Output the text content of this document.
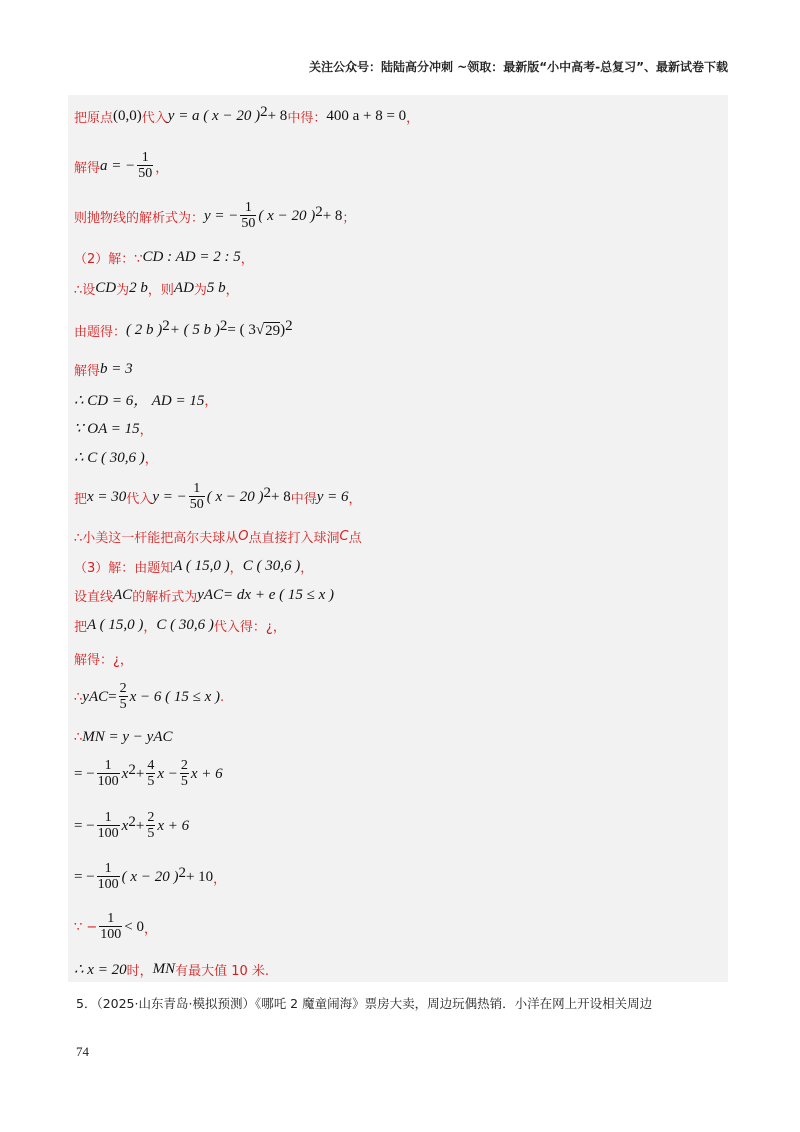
关注公众号：陆陆高分冲刺 ~领取：最新版“小中高考-总复习”、最新试卷下载
把原点 (0,0) 代入 y = a ( x − 20 )$^2$ + 8 中得： 400 a + 8 = 0 ，
解得 a = − $\frac{1}{50}$ ，
则抛物线的解析式为： y = − $\frac{1}{50}$ ( x − 20 )$^2$ + 8 ；
（2）解：∵ CD : AD = 2 : 5 ，
∴设 CD 为 2 b ，则 AD 为 5 b ，
由题得： ( 2 b )$^2$ + ( 5 b )$^2$ = ( 3 √ 29 )$^2$
解得 b = 3
∴ CD = 6， AD = 15 ，
∵ OA = 15 ，
∴ C ( 30,6 ) ，
把 x = 30 代入 y = − $\frac{1}{50}$ ( x − 20 )$^2$ + 8 中得 y = 6 ，
∴小美这一杆能把高尔夫球从 O 点直接打入球洞 C 点
（3）解：由题知 A ( 15,0 ) ， C ( 30,6 ) ，
设直线 AC 的解析式为 y AC = dx + e ( 15 ≤ x )
把 A ( 15,0 ) ， C ( 30,6 ) 代入得：¿，
解得：¿，
∴ y AC = $\frac{2}{5}$ x − 6 ( 15 ≤ x ) .
∴ MN = y − y AC
= − $\frac{1}{100} x^2 + \frac{4}{5}$ $x - \frac{2}{5}$ x + 6
= − $\frac{1}{100} x^2 + \frac{2}{5}$ x + 6
= − $\frac{1}{100}$ ( x − 20 )$^2$ + 10 ，
∵ − $\frac{1}{100} < 0$ ，
∴ x = 20 时， MN 有最大值 10 米.
5．（2025·山东青岛·模拟预测）《哪吒 2 魔童闹海》票房大卖，周边玩偶热销．小洋在网上开设相关周边
74
